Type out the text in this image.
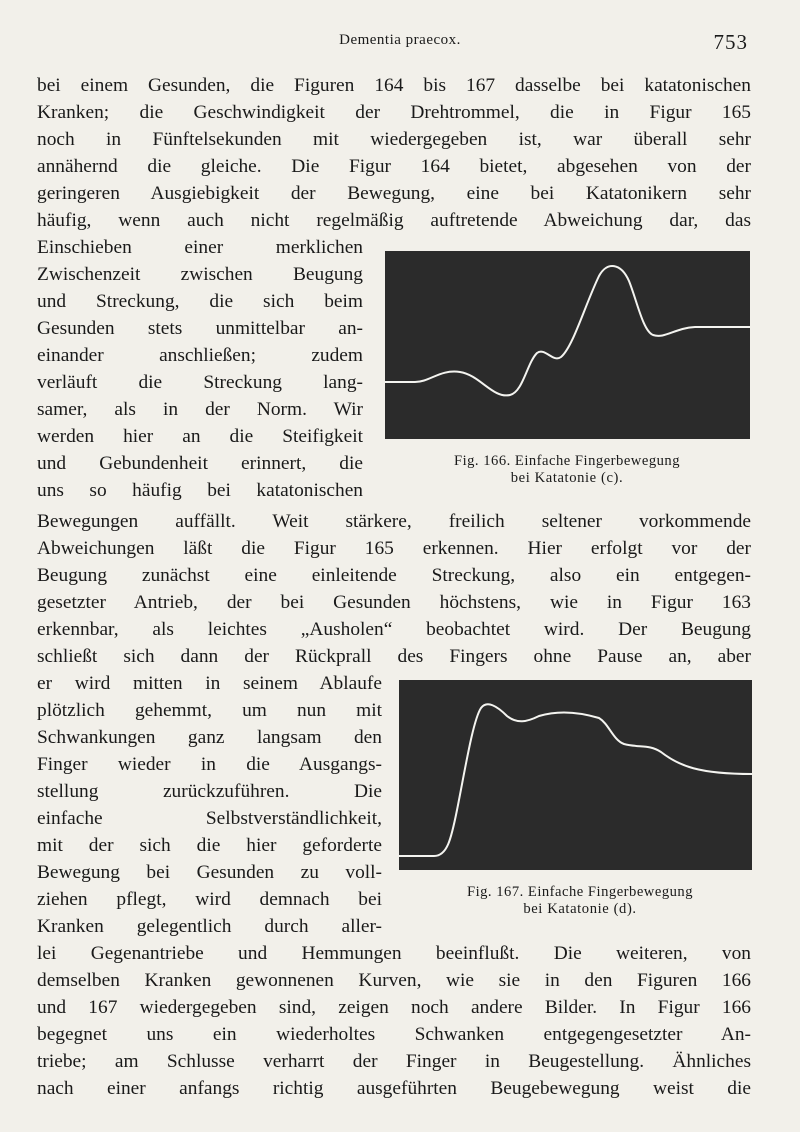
Dementia praecox.	753
bei einem Gesunden, die Figuren 164 bis 167 dasselbe bei katatonischen
Kranken; die Geschwindigkeit der Drehtrommel, die in Figur 165
noch in Fünftelsekunden mit wiedergegeben ist, war überall sehr
annähernd die gleiche. Die Figur 164 bietet, abgesehen von der
geringeren Ausgiebigkeit der Bewegung, eine bei Katatonikern sehr
häufig, wenn auch nicht regelmäßig auftretende Abweichung dar, das
Einschieben einer merklichen
Zwischenzeit zwischen Beugung
und Streckung, die sich beim
Gesunden stets unmittelbar an-
einander anschließen; zudem
verläuft die Streckung lang-
samer, als in der Norm. Wir
werden hier an die Steifigkeit
und Gebundenheit erinnert, die
uns so häufig bei katatonischen
Fig. 166. Einfache Fingerbewegung
bei Katatonie (c).
Bewegungen auffällt. Weit stärkere, freilich seltener vorkommende
Abweichungen läßt die Figur 165 erkennen. Hier erfolgt vor der
Beugung zunächst eine einleitende Streckung, also ein entgegen-
gesetzter Antrieb, der bei Gesunden höchstens, wie in Figur 163
erkennbar, als leichtes „Ausholen“ beobachtet wird. Der Beugung
schließt sich dann der Rückprall des Fingers ohne Pause an, aber
er wird mitten in seinem Ablaufe
plötzlich gehemmt, um nun mit
Schwankungen ganz langsam den
Finger wieder in die Ausgangs-
stellung zurückzuführen. Die
einfache Selbstverständlichkeit,
mit der sich die hier geforderte
Bewegung bei Gesunden zu voll-
ziehen pflegt, wird demnach bei
Kranken gelegentlich durch aller-
Fig. 167. Einfache Fingerbewegung
bei Katatonie (d).
lei Gegenantriebe und Hemmungen beeinflußt. Die weiteren, von
demselben Kranken gewonnenen Kurven, wie sie in den Figuren 166
und 167 wiedergegeben sind, zeigen noch andere Bilder. In Figur 166
begegnet uns ein wiederholtes Schwanken entgegengesetzter An-
triebe; am Schlusse verharrt der Finger in Beugestellung. Ähnliches
nach einer anfangs richtig ausgeführten Beugebewegung weist die
